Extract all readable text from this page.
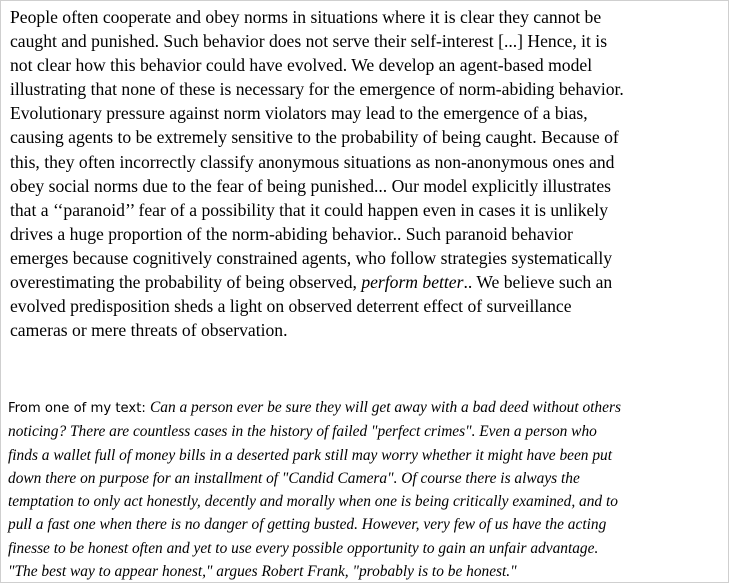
People often cooperate and obey norms in situations where it is clear they cannot be
caught and punished. Such behavior does not serve their self-interest [...] Hence, it is
not clear how this behavior could have evolved. We develop an agent-based model
illustrating that none of these is necessary for the emergence of norm-abiding behavior.
Evolutionary pressure against norm violators may lead to the emergence of a bias,
causing agents to be extremely sensitive to the probability of being caught. Because of
this, they often incorrectly classify anonymous situations as non-anonymous ones and
obey social norms due to the fear of being punished... Our model explicitly illustrates
that a ‘‘paranoid’’ fear of a possibility that it could happen even in cases it is unlikely
drives a huge proportion of the norm-abiding behavior.. Such paranoid behavior
emerges because cognitively constrained agents, who follow strategies systematically
overestimating the probability of being observed, perform better.. We believe such an
evolved predisposition sheds a light on observed deterrent effect of surveillance
cameras or mere threats of observation.

From one of my text: Can a person ever be sure they will get away with a bad deed without others
noticing? There are countless cases in the history of failed "perfect crimes". Even a person who
finds a wallet full of money bills in a deserted park still may worry whether it might have been put
down there on purpose for an installment of "Candid Camera". Of course there is always the
temptation to only act honestly, decently and morally when one is being critically examined, and to
pull a fast one when there is no danger of getting busted. However, very few of us have the acting
finesse to be honest often and yet to use every possible opportunity to gain an unfair advantage.
"The best way to appear honest," argues Robert Frank, "probably is to be honest."
